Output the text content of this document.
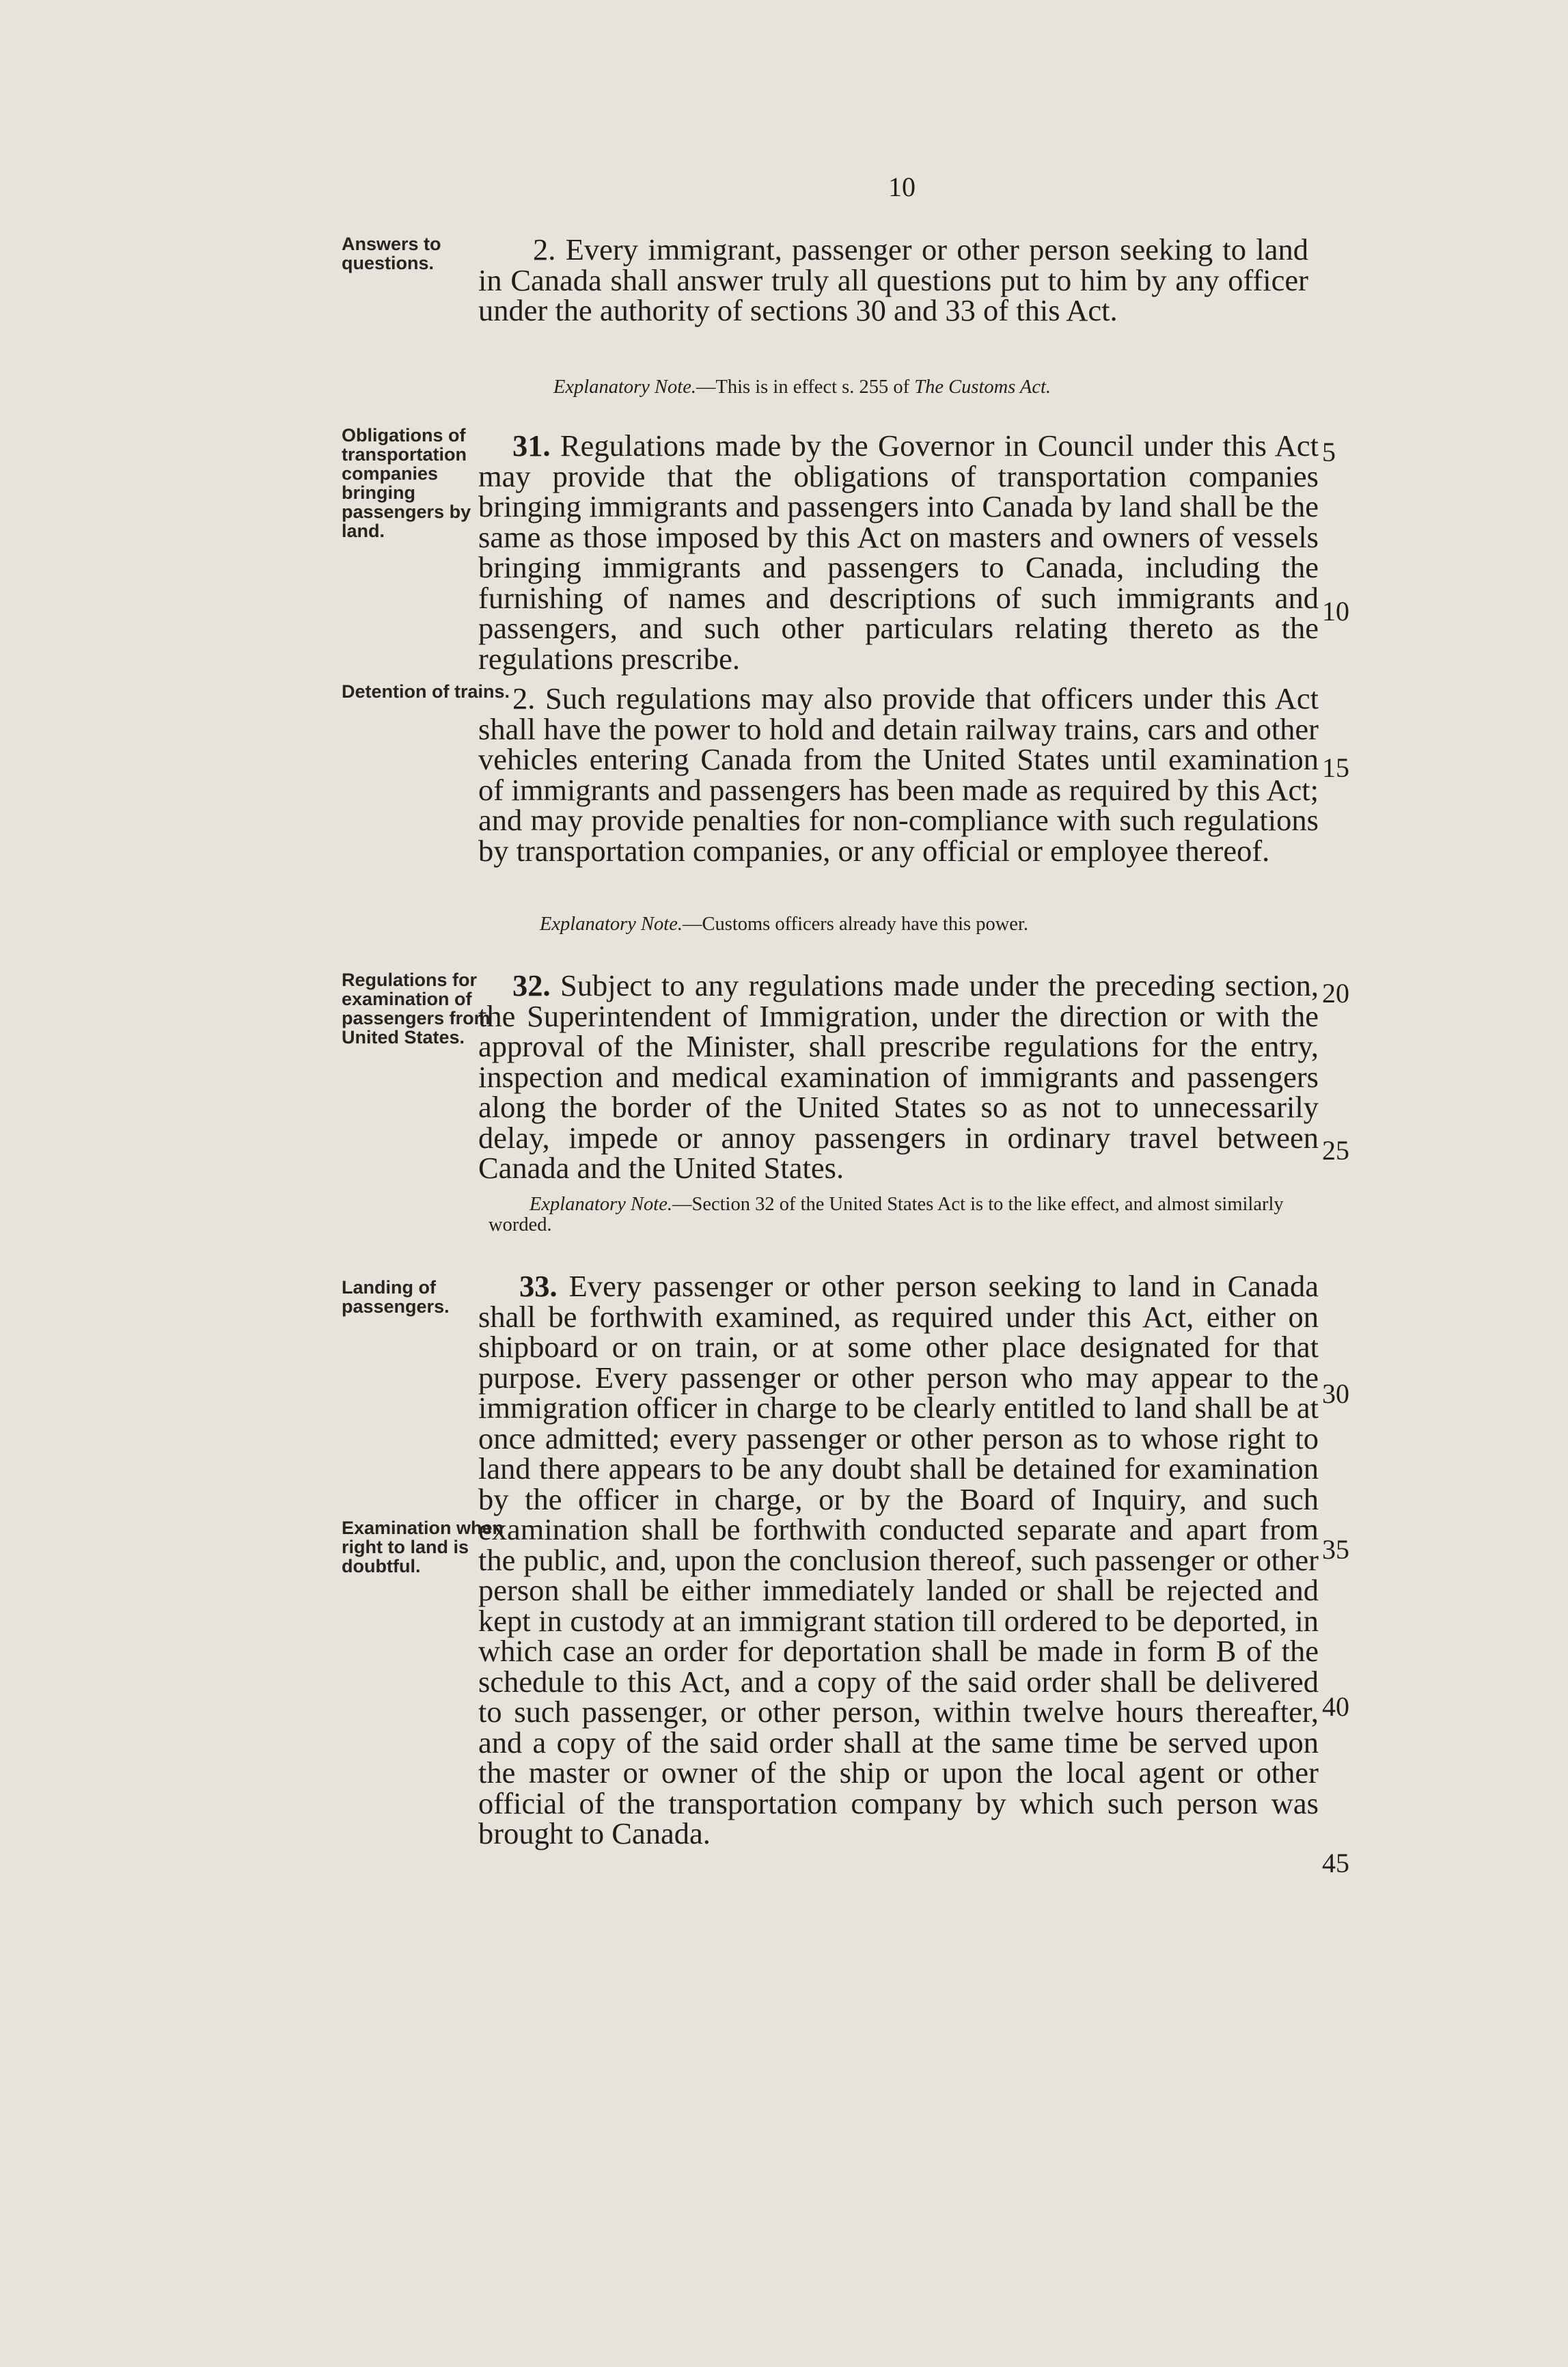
10
Answers to questions.
Obligations of transportation companies bringing passengers by land.
Detention of trains.
Regulations for examination of passengers from United States.
Landing of passengers.
Examination when right to land is doubtful.

2. Every immigrant, passenger or other person seeking to land in Canada shall answer truly all questions put to him by any officer under the authority of sections 30 and 33 of this Act.

Explanatory Note.—This is in effect s. 255 of The Customs Act.

31. Regulations made by the Governor in Council under this Act may provide that the obligations of transportation companies bringing immigrants and passengers into Canada by land shall be the same as those imposed by this Act on masters and owners of vessels bringing immigrants and passengers to Canada, including the furnishing of names and descriptions of such immigrants and passengers, and such other particulars relating thereto as the regulations prescribe.

2. Such regulations may also provide that officers under this Act shall have the power to hold and detain railway trains, cars and other vehicles entering Canada from the United States until examination of immigrants and passengers has been made as required by this Act; and may provide penalties for non-compliance with such regulations by transportation companies, or any official or employee thereof.

Explanatory Note.—Customs officers already have this power.

32. Subject to any regulations made under the preceding section, the Superintendent of Immigration, under the direction or with the approval of the Minister, shall prescribe regulations for the entry, inspection and medical examination of immigrants and passengers along the border of the United States so as not to unnecessarily delay, impede or annoy passengers in ordinary travel between Canada and the United States.

Explanatory Note.—Section 32 of the United States Act is to the like effect, and almost similarly worded.

33. Every passenger or other person seeking to land in Canada shall be forthwith examined, as required under this Act, either on shipboard or on train, or at some other place designated for that purpose. Every passenger or other person who may appear to the immigration officer in charge to be clearly entitled to land shall be at once admitted; every passenger or other person as to whose right to land there appears to be any doubt shall be detained for examination by the officer in charge, or by the Board of Inquiry, and such examination shall be forthwith conducted separate and apart from the public, and, upon the conclusion thereof, such passenger or other person shall be either immediately landed or shall be rejected and kept in custody at an immigrant station till ordered to be deported, in which case an order for deportation shall be made in form B of the schedule to this Act, and a copy of the said order shall be delivered to such passenger, or other person, within twelve hours thereafter, and a copy of the said order shall at the same time be served upon the master or owner of the ship or upon the local agent or other official of the transportation company by which such person was brought to Canada.

5
10
15
20
25
30
35
40
45
